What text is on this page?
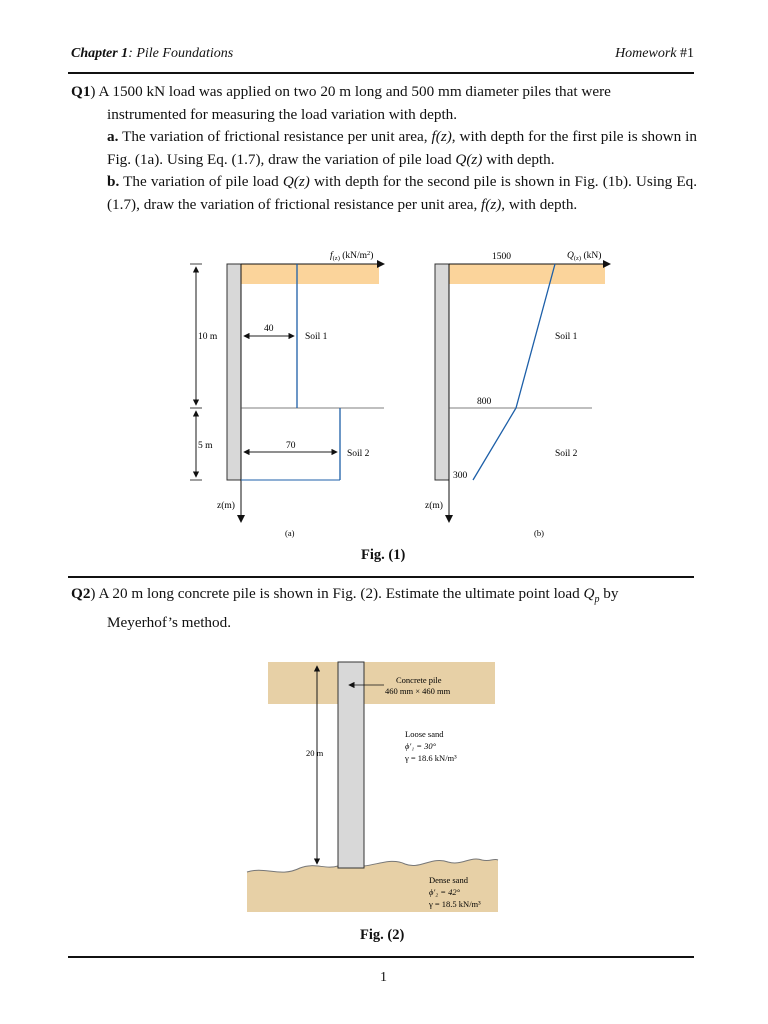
Chapter 1: Pile Foundations	Homework #1
Q1) A 1500 kN load was applied on two 20 m long and 500 mm diameter piles that were
instrumented for measuring the load variation with depth.
a. The variation of frictional resistance per unit area, f(z), with depth for the first pile is shown in Fig. (1a). Using Eq. (1.7), draw the variation of pile load Q(z) with depth.
b. The variation of pile load Q(z) with depth for the second pile is shown in Fig. (1b). Using Eq. (1.7), draw the variation of frictional resistance per unit area, f(z), with depth.
$f_{(z)}$ $(kN/m^2)$
10 m
5 m
40
70
Soil 1
Soil 2
z(m)
(a)
1500	$Q_{(z)}$ (kN)
800
300
Soil 1
Soil 2
z(m)
(b)
Fig. (1)
Q2) A 20 m long concrete pile is shown in Fig. (2). Estimate the ultimate point load $Q_p$ by
Meyerhof’s method.
Concrete pile
460 mm × 460 mm
20 m
Loose sand
ϕ'₁ = 30°
γ = 18.6 kN/m³
Dense sand
ϕ'₂ = 42°
γ = 18.5 kN/m³
Fig. (2)
1
